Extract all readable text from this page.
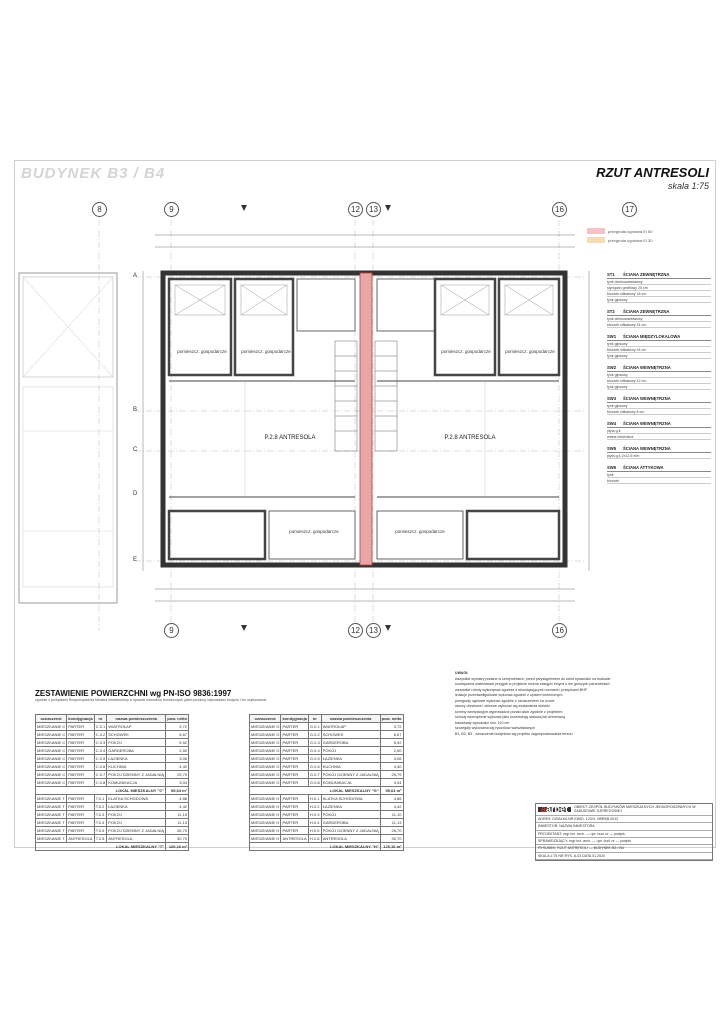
BUDYNEK B3 / B4	RZUT ANTRESOLI
skala 1:75
przegroda ogniowa EI 60
przegroda ogniowa EI 30
8	9	12	13	16	17
9	12	13	16
A
B
C
D
E
pomieszcz. gospodarcze	pomieszcz. gospodarcze	pomieszcz. gospodarcze	pomieszcz. gospodarcze
P.2.8 ANTRESOLA	P.2.8 ANTRESOLA
pomieszcz. gospodarcze	pomieszcz. gospodarcze
ST1	ŚCIANA ZEWNĘTRZNA
tynk cienkowarstwowy
styropian grafitowy 20 cm
bloczek silikatowy 18 cm
tynk gipsowy
ST2	ŚCIANA ZEWNĘTRZNA
tynk cienkowarstwowy
bloczek silikatowy 24 cm
SW1	ŚCIANA MIĘDZYLOKALOWA
tynk gipsowy
bloczek silikatowy 24 cm
tynk gipsowy
SW2	ŚCIANA WEWNĘTRZNA
tynk gipsowy
bloczek silikatowy 12 cm
tynk gipsowy
SW3	ŚCIANA WEWNĘTRZNA
tynk gipsowy
bloczek silikatowy 8 cm
SW4	ŚCIANA WEWNĘTRZNA
płyta g-k
wełna mineralna
SW5	ŚCIANA WEWNĘTRZNA
płyta g-k 2x12,5 mm
SW6	ŚCIANA ATTYKOWA
tynk
bloczek
ZESTAWIENIE POWIERZCHNI wg PN-ISO 9836:1997
zgodnie z przepisami Rozporządzenia Ministra Infrastruktury w sprawie warunków technicznych jakim powinny odpowiadać budynki i ich usytuowanie
oznaczenie	kondygnacja	nr	nazwa pomieszczenia	pow. netto
MIESZKANIE C	PARTER	C.0.1	WIATROŁAP	3,72
MIESZKANIE C	PARTER	C.0.2	SCHOWEK	6,67
MIESZKANIE C	PARTER	C.0.3	POKÓJ	5,92
MIESZKANIE C	PARTER	C.0.4	GARDEROBA	2,50
MIESZKANIE C	PARTER	C.0.5	ŁAZIENKA	3,06
MIESZKANIE C	PARTER	C.0.6	KUCHNIA	4,40
MIESZKANIE C	PARTER	C.0.7	POKÓJ DZIENNY Z JADALNIĄ	25,79
MIESZKANIE C	PARTER	C.0.8	KOMUNIKACJA	3,04
LOKAL MIESZKALNY "C"				55,64 m²
MIESZKANIE T	PARTER	T.0.1	KLATKA SCHODOWA	4,86
MIESZKANIE T	PARTER	T.0.2	ŁAZIENKA	4,42
MIESZKANIE T	PARTER	T.0.3	POKÓJ	11,10
MIESZKANIE T	PARTER	T.0.4	POKÓJ	11,13
MIESZKANIE T	PARTER	T.0.5	POKÓJ DZIENNY Z JADALNIĄ	26,70
MIESZKANIE T	ANTRESOLA	T.2.8	ANTRESOLA	30,70
LOKAL MIESZKALNY "T"				120,16 m²
oznaczenie	kondygnacja	nr	nazwa pomieszczenia	pow. netto
MIESZKANIE G	PARTER	G.0.1	WIATROŁAP	3,72
MIESZKANIE G	PARTER	G.0.2	SCHOWEK	6,67
MIESZKANIE G	PARTER	G.0.3	GARDEROBA	5,92
MIESZKANIE G	PARTER	G.0.4	POKÓJ	2,50
MIESZKANIE G	PARTER	G.0.5	ŁAZIENKA	3,06
MIESZKANIE G	PARTER	G.0.6	KUCHNIA	4,40
MIESZKANIE G	PARTER	G.0.7	POKÓJ DZIENNY Z JADALNIĄ	25,79
MIESZKANIE G	PARTER	G.0.8	KOMUNIKACJA	3,04
LOKAL MIESZKALNY "G"				55,64 m²
MIESZKANIE H	PARTER	H.0.1	KLATKA SCHODOWA	4,86
MIESZKANIE H	PARTER	H.0.2	ŁAZIENKA	4,42
MIESZKANIE H	PARTER	H.0.3	POKÓJ	11,10
MIESZKANIE H	PARTER	H.0.4	GARDEROBA	11,13
MIESZKANIE H	PARTER	H.0.5	POKÓJ DZIENNY Z JADALNIĄ	26,70
MIESZKANIE H	ANTRESOLA	H.2.8	ANTRESOLA	30,70
LOKAL MIESZKALNY "H"				120,16 m²
UWAGI:
wszystkie wymiary podane w centymetrach, przed przystąpieniem do robót sprawdzić na budowie
rozwiązania materiałowe przyjęte w projekcie można zastąpić innymi o nie gorszych parametrach
wszystkie roboty wykonywać zgodnie z obowiązującymi normami i przepisami BHP
izolacje przeciwwilgociowe wykonać zgodnie z opisem technicznym
przegrody ogniowe wykonać zgodnie z oznaczeniem na rzucie
otwory drzwiowe i okienne wykonać wg zestawienia stolarki
kominy wentylacyjne wyprowadzić ponad dach zgodnie z projektem
schody wewnętrzne wykonać jako konstrukcję stalową lub drewnianą
balustrady wysokości min. 110 cm
szczegóły wykonania wg rysunków warsztatowych
B1, B2, B3 - oznaczenia budynków wg projektu zagospodarowania terenu
aarbet	OBIEKT: ZESPÓŁ BUDYNKÓW MIESZKALNYCH JEDNORODZINNYCH W ZABUDOWIE SZEREGOWEJ
ADRES: DZIAŁKA NR EWID. 123/4, OBRĘB 0012
INWESTOR: NAZWA INWESTORA
PROJEKTANT: mgr inż. arch. — upr. bud. nr — podpis
SPRAWDZAJĄCY: mgr inż. arch. — upr. bud. nr — podpis
RYSUNEK: RZUT ANTRESOLI — BUDYNEK B3 / B4
SKALA 1:75 NR RYS. A-03 DATA 01.2020
